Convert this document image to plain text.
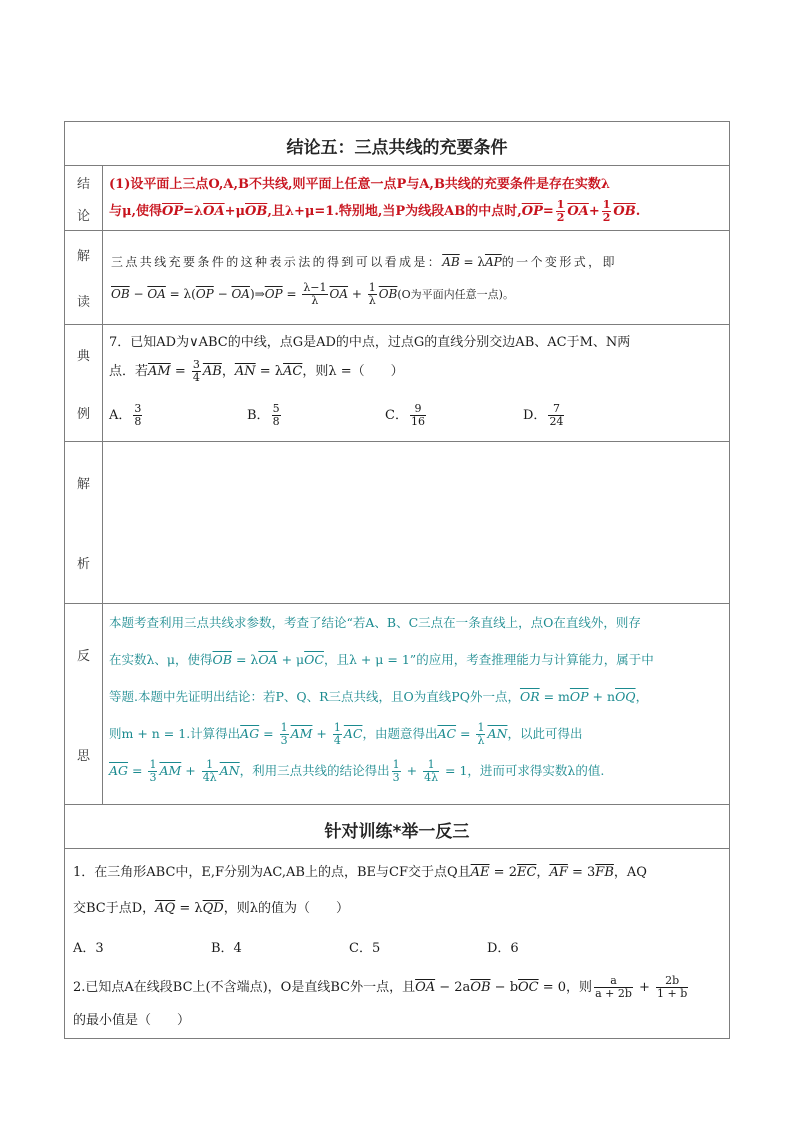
结论五：三点共线的充要条件
结
论
(1)设平面上三点O,A,B不共线,则平面上任意一点P与A,B共线的充要条件是存在实数λ
与μ,使得$\overline{OP}=\lambda\overline{OA}+\mu\overline{OB}$,且λ+μ=1.特别地,当P为线段AB的中点时$,\overline{OP}= \frac{1}{2} \overline{OA}+ \frac{1}{2} \overline{OB}$.
解
读
三点共线充要条件的这种表示法的得到可以看成是：$\overline{AB} = \lambda\overline{AP}$的一个变形式，即
$\overline{OB} - \overline{OA} = \lambda(\overline{OP}$ − $\overline{OA})\Rightarrow\overline{OP} = \frac{\lambda-1}{\lambda} \overline{OA} + \frac{1}{\lambda} \overline{OB}(O$为平面内任意一点)。
典
例
7．已知AD为∨ABC的中线，点G是AD的中点，过点G的直线分别交边AB、AC于M、N两
点．若$\overline{AM} = \frac{3}{4} \overline{AB}$，$\overline{AN} = \lambda\overline{AC}$，则λ =（　　）
A． $\frac{3}{8}$	B． $\frac{5}{8}$	C． $\frac{9}{16}$	D． $\frac{7}{24}$
解
析
反
思
本题考查利用三点共线求参数，考查了结论“若A、B、C三点在一条直线上，点O在直线外，则存
在实数λ、μ，使得$\overline{OB} = \lambda\overline{OA} + \mu\overline{OC}$，且λ + μ = 1”的应用，考查推理能力与计算能力，属于中
等题.本题中先证明出结论：若P、Q、R三点共线，且O为直线PQ外一点，$\overline{OR} = m\overline{OP} + n\overline{OQ}$，
则m + n = 1.计算得出$\overline{AG} = \frac{1}{3} \overline{AM} + \frac{1}{4} \overline{AC}$，由题意得出$\overline{AC} = \frac{1}{\lambda} \overline{AN}$，以此可得出
$\overline{AG} = \frac{1}{3} \overline{AM} + \frac{1}{4\lambda} \overline{AN}$，利用三点共线的结论得出 $\frac{1}{3} + \frac{1}{4\lambda} = 1$，进而可求得实数λ的值.
针对训练*举一反三
1．在三角形ABC中，E,F分别为AC,AB上的点，BE与CF交于点Q且$\overline{AE} = 2\overline{EC}$，$\overline{AF} = 3\overline{FB}$，AQ
交BC于点D，$\overline{AQ} = \lambda\overline{QD}$，则λ的值为（　　）
A．3	B．4	C．5	D．6
2.已知点A在线段BC上(不含端点)，O是直线BC外一点，且$\overline{OA} - 2a\overline{OB} - b\overline{OC} = 0$，则 $\frac{a}{a + 2b} + \frac{2b}{1 + b}$
的最小值是（　　）
